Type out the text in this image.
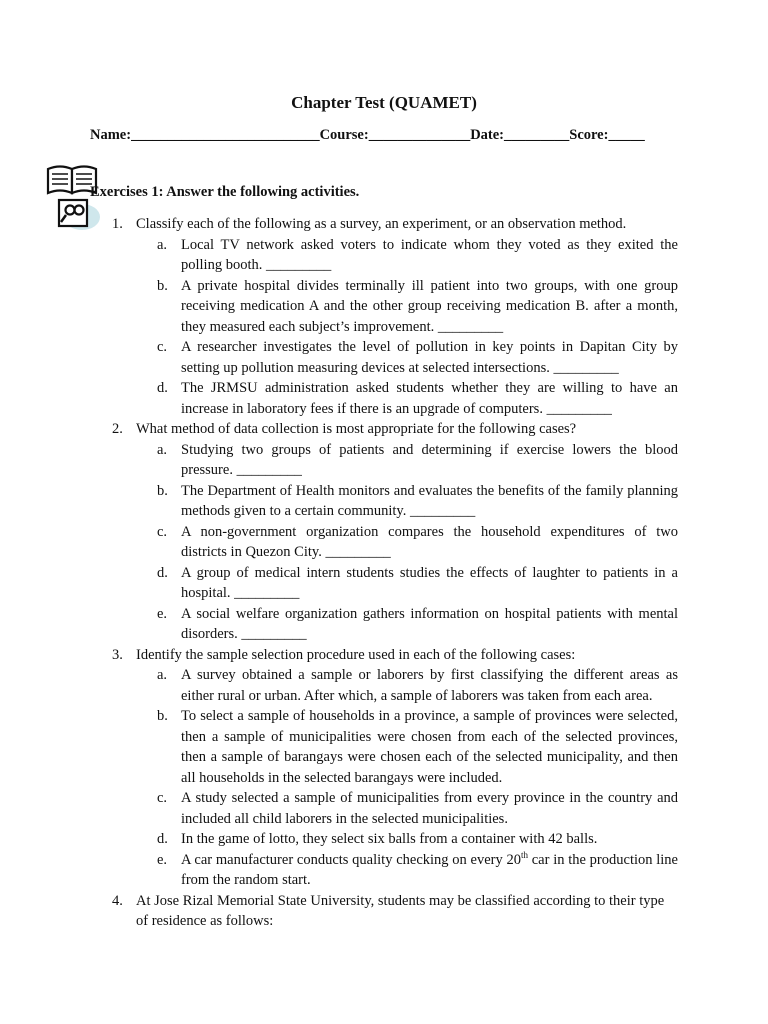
Chapter Test (QUAMET)
Name:__________________________Course:______________Date:_________Score:_____
Exercises 1: Answer the following activities.
1. Classify each of the following as a survey, an experiment, or an observation method.
a. Local TV network asked voters to indicate whom they voted as they exited the polling booth. _________
b. A private hospital divides terminally ill patient into two groups, with one group receiving medication A and the other group receiving medication B. after a month, they measured each subject’s improvement. _________
c. A researcher investigates the level of pollution in key points in Dapitan City by setting up pollution measuring devices at selected intersections. _________
d. The JRMSU administration asked students whether they are willing to have an increase in laboratory fees if there is an upgrade of computers. _________
2. What method of data collection is most appropriate for the following cases?
a. Studying two groups of patients and determining if exercise lowers the blood pressure. _________
b. The Department of Health monitors and evaluates the benefits of the family planning methods given to a certain community. _________
c. A non-government organization compares the household expenditures of two districts in Quezon City. _________
d. A group of medical intern students studies the effects of laughter to patients in a hospital. _________
e. A social welfare organization gathers information on hospital patients with mental disorders. _________
3. Identify the sample selection procedure used in each of the following cases:
a. A survey obtained a sample or laborers by first classifying the different areas as either rural or urban. After which, a sample of laborers was taken from each area.
b. To select a sample of households in a province, a sample of provinces were selected, then a sample of municipalities were chosen from each of the selected provinces, then a sample of barangays were chosen each of the selected municipality, and then all households in the selected barangays were included.
c. A study selected a sample of municipalities from every province in the country and included all child laborers in the selected municipalities.
d. In the game of lotto, they select six balls from a container with 42 balls.
e. A car manufacturer conducts quality checking on every 20th car in the production line from the random start.
4. At Jose Rizal Memorial State University, students may be classified according to their type of residence as follows:
